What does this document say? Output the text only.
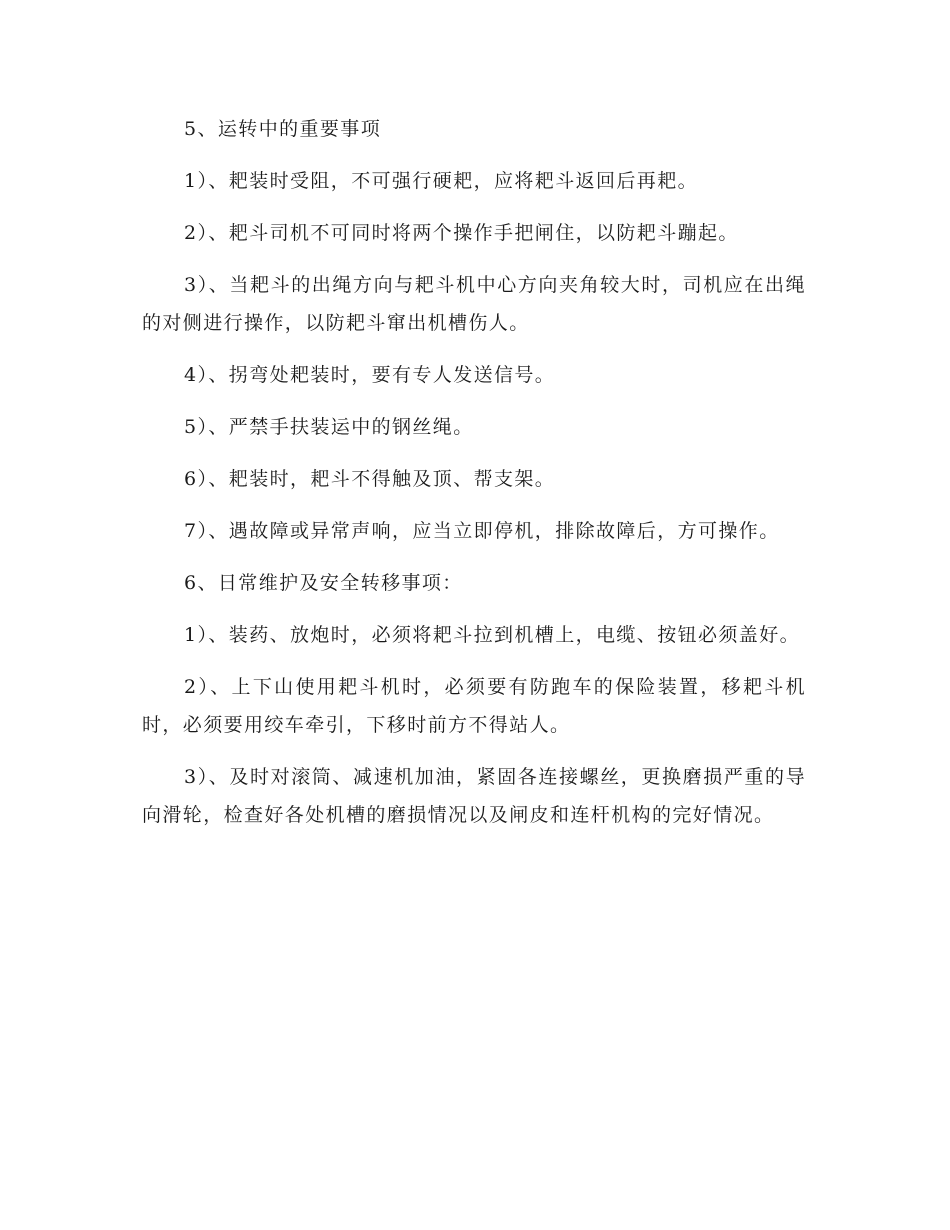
5、运转中的重要事项

1）、耙装时受阻，不可强行硬耙，应将耙斗返回后再耙。

2）、耙斗司机不可同时将两个操作手把闸住，以防耙斗蹦起。

3）、当耙斗的出绳方向与耙斗机中心方向夹角较大时，司机应在出绳的对侧进行操作，以防耙斗窜出机槽伤人。

4）、拐弯处耙装时，要有专人发送信号。

5）、严禁手扶装运中的钢丝绳。

6）、耙装时，耙斗不得触及顶、帮支架。

7）、遇故障或异常声响，应当立即停机，排除故障后，方可操作。

6、日常维护及安全转移事项：

1）、装药、放炮时，必须将耙斗拉到机槽上，电缆、按钮必须盖好。

2）、上下山使用耙斗机时，必须要有防跑车的保险装置，移耙斗机时，必须要用绞车牵引，下移时前方不得站人。

3）、及时对滚筒、减速机加油，紧固各连接螺丝，更换磨损严重的导向滑轮，检查好各处机槽的磨损情况以及闸皮和连杆机构的完好情况。
